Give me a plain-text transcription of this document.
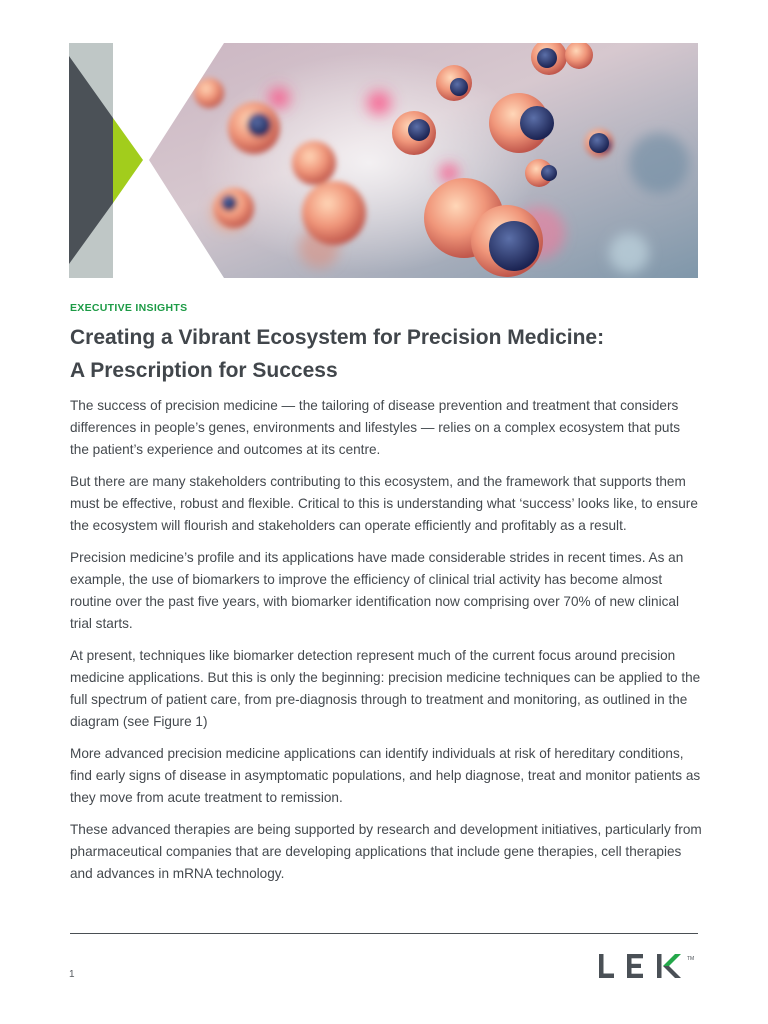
EXECUTIVE INSIGHTS
Creating a Vibrant Ecosystem for Precision Medicine:
A Prescription for Success

The success of precision medicine — the tailoring of disease prevention and treatment that considers differences in people’s genes, environments and lifestyles — relies on a complex ecosystem that puts the patient’s experience and outcomes at its centre.

But there are many stakeholders contributing to this ecosystem, and the framework that supports them must be effective, robust and flexible. Critical to this is understanding what ‘success’ looks like, to ensure the ecosystem will flourish and stakeholders can operate efficiently and profitably as a result.

Precision medicine’s profile and its applications have made considerable strides in recent times. As an example, the use of biomarkers to improve the efficiency of clinical trial activity has become almost routine over the past five years, with biomarker identification now comprising over 70% of new clinical trial starts.

At present, techniques like biomarker detection represent much of the current focus around precision medicine applications. But this is only the beginning: precision medicine techniques can be applied to the full spectrum of patient care, from pre-diagnosis through to treatment and monitoring, as outlined in the diagram (see Figure 1)

More advanced precision medicine applications can identify individuals at risk of hereditary conditions, find early signs of disease in asymptomatic populations, and help diagnose, treat and monitor patients as they move from acute treatment to remission.

These advanced therapies are being supported by research and development initiatives, particularly from pharmaceutical companies that are developing applications that include gene therapies, cell therapies and advances in mRNA technology.

1
TM
